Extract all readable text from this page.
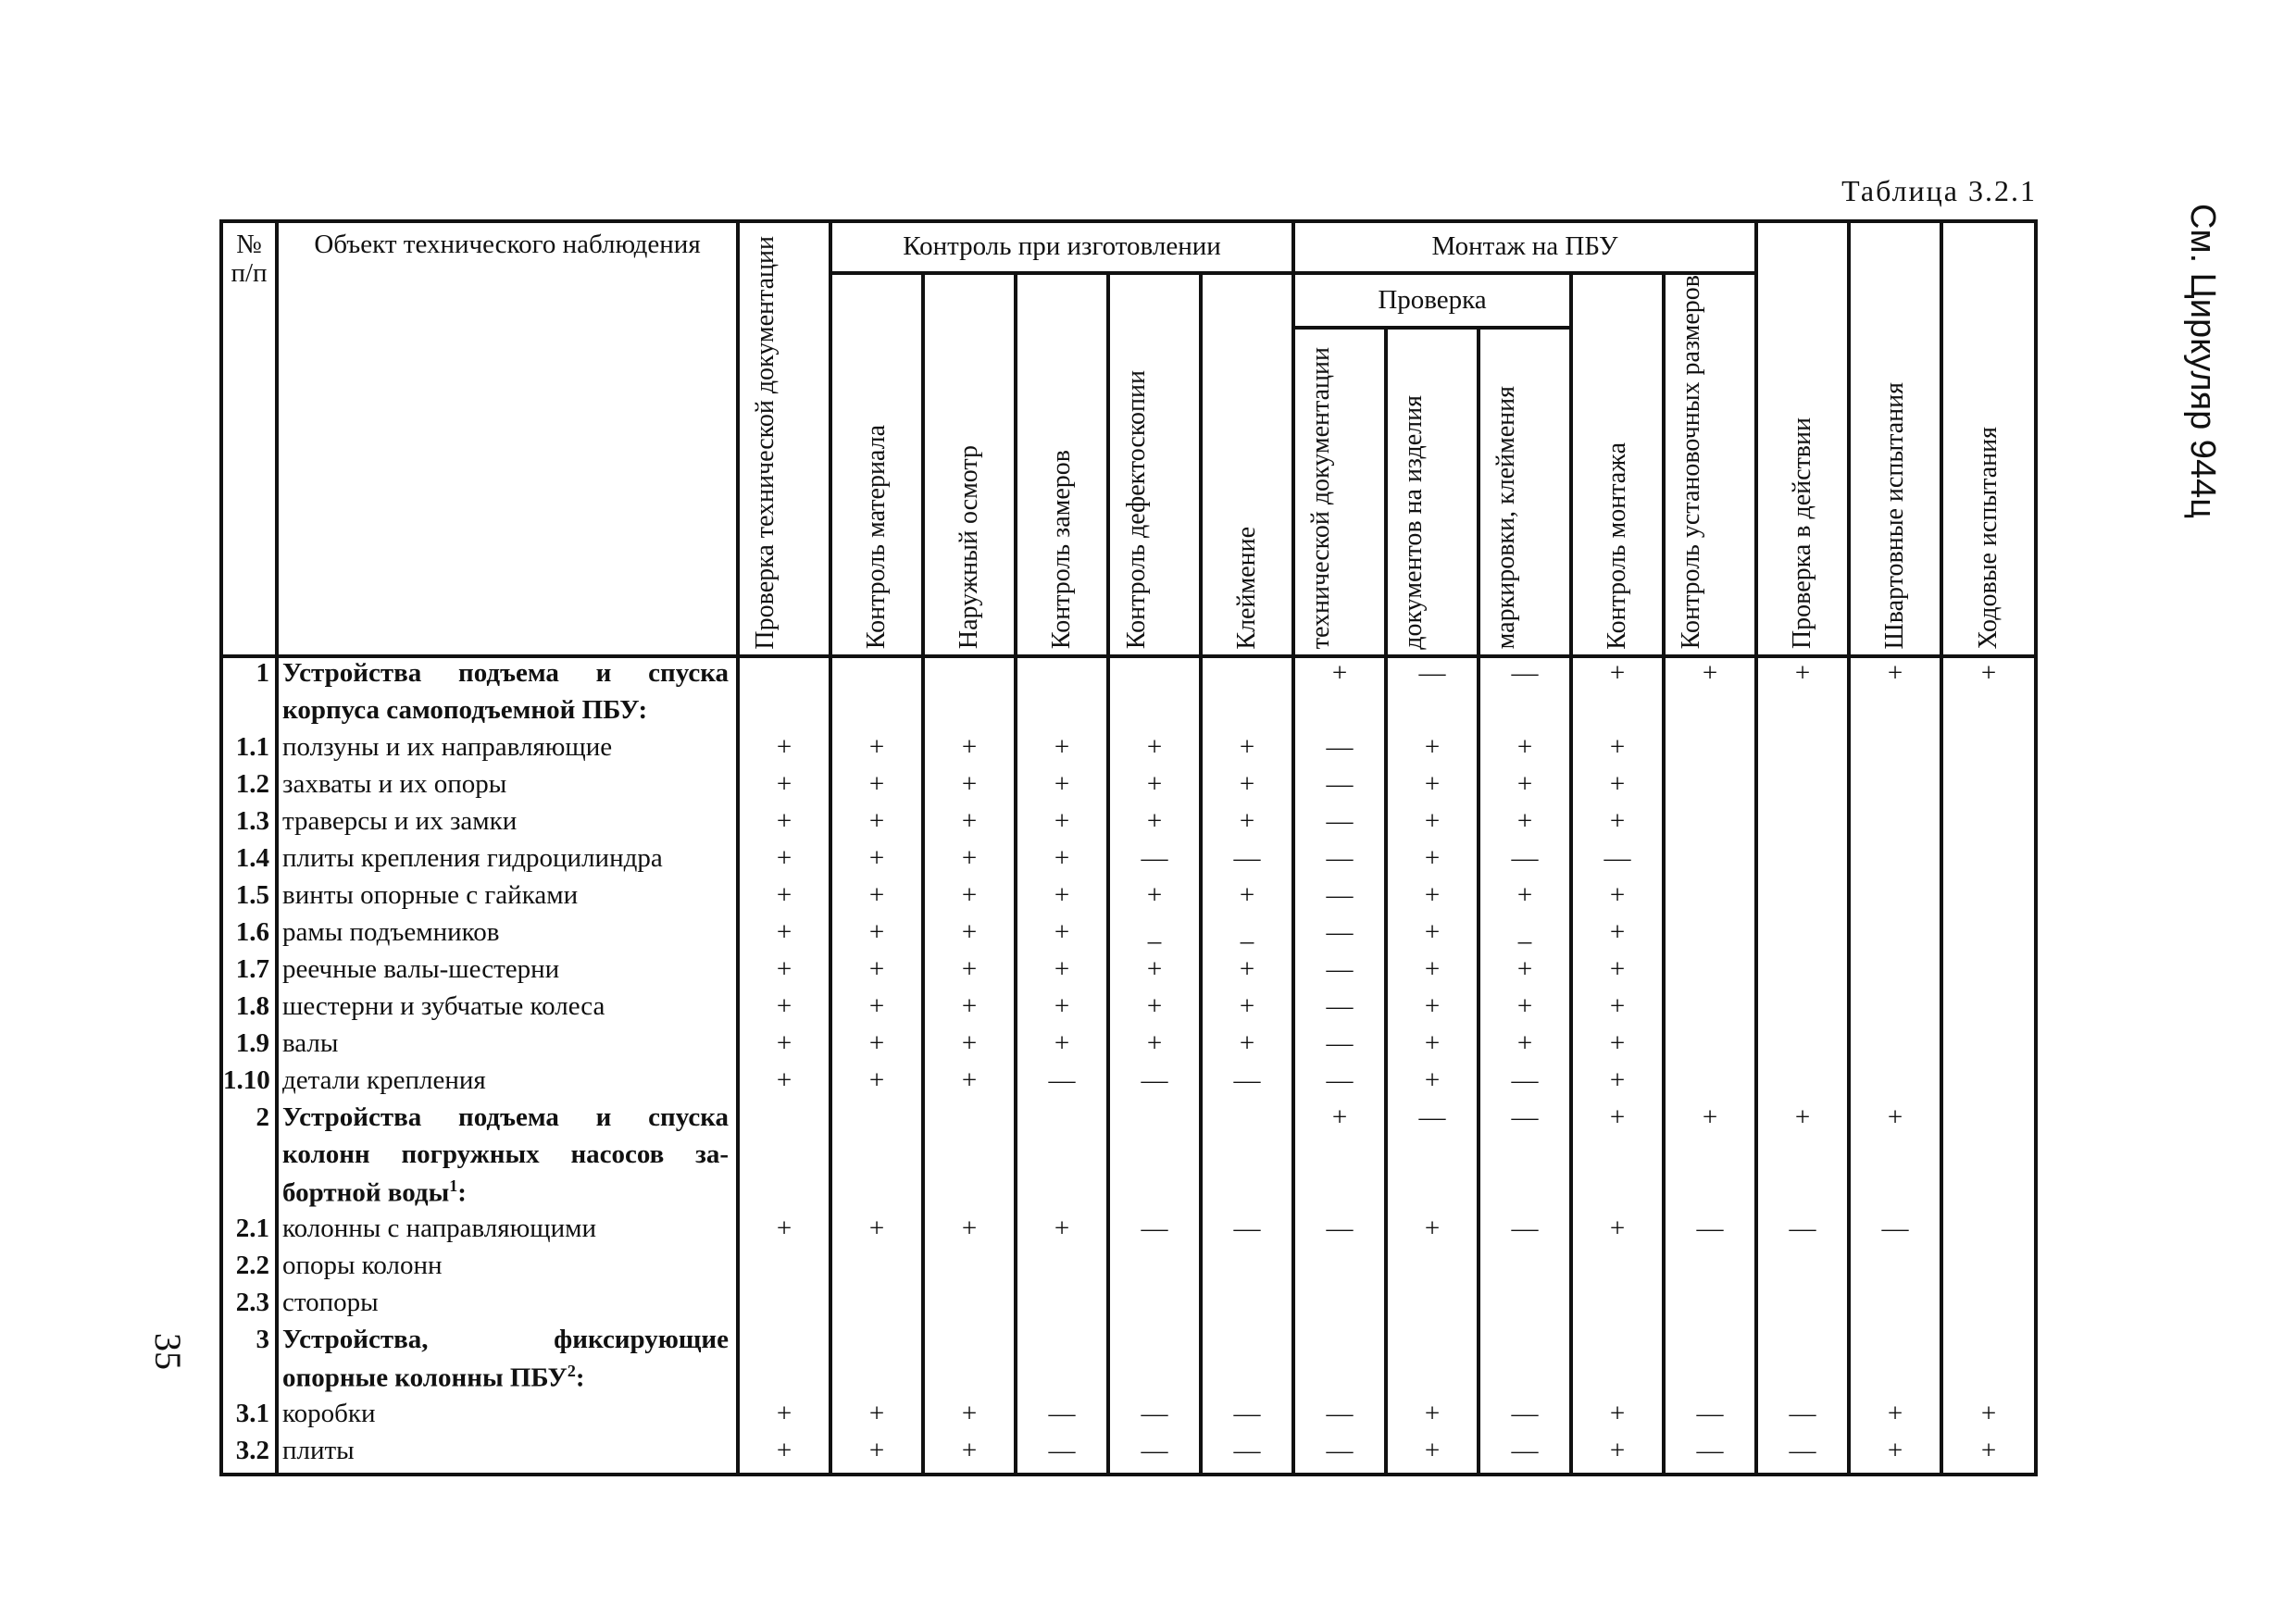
Таблица 3.2.1
См. Циркуляр 944ц
35
№ п/п	Объект технического наблюдения	Проверка технической документации	Контроль при изготовлении					Монтаж на ПБУ					Проверка в действии	Швартовные испытания	Ходовые испытания

			Контроль материала	Наружный осмотр	Контроль замеров	Контроль дефектоскопии	Клеймение	Проверка			Контроль монтажа	Контроль установочных размеров			

								технической документации	документов на изделия	маркировки, клеймения					

1	Устройства подъема и спуска							+	—	—	+	+	+	+	+
	корпуса самоподъемной ПБУ:														
1.1	ползуны и их направляющие	+	+	+	+	+	+	—	+	+	+				
1.2	захваты и их опоры	+	+	+	+	+	+	—	+	+	+				
1.3	траверсы и их замки	+	+	+	+	+	+	—	+	+	+				
1.4	плиты крепления гидроцилиндра	+	+	+	+	—	—	—	+	—	—				
1.5	винты опорные с гайками	+	+	+	+	+	+	—	+	+	+				
1.6	рамы подъемников	+	+	+	+	_	_	—	+	_	+				
1.7	реечные валы-шестерни	+	+	+	+	+	+	—	+	+	+				
1.8	шестерни и зубчатые колеса	+	+	+	+	+	+	—	+	+	+				
1.9	валы	+	+	+	+	+	+	—	+	+	+				
1.10	детали крепления	+	+	+	—	—	—	—	+	—	+				
2	Устройства подъема и спуска							+	—	—	+	+	+	+	
	колонн погружных насосов за-														
	бортной воды$^1$:														
2.1	колонны с направляющими	+	+	+	+	—	—	—	+	—	+	—	—	—	
2.2	опоры колонн														
2.3	стопоры														
3	Устройства, фиксирующие														
	опорные колонны ПБУ$^2$:														
3.1	коробки	+	+	+	—	—	—	—	+	—	+	—	—	+	+
3.2	плиты	+	+	+	—	—	—	—	+	—	+	—	—	+	+
